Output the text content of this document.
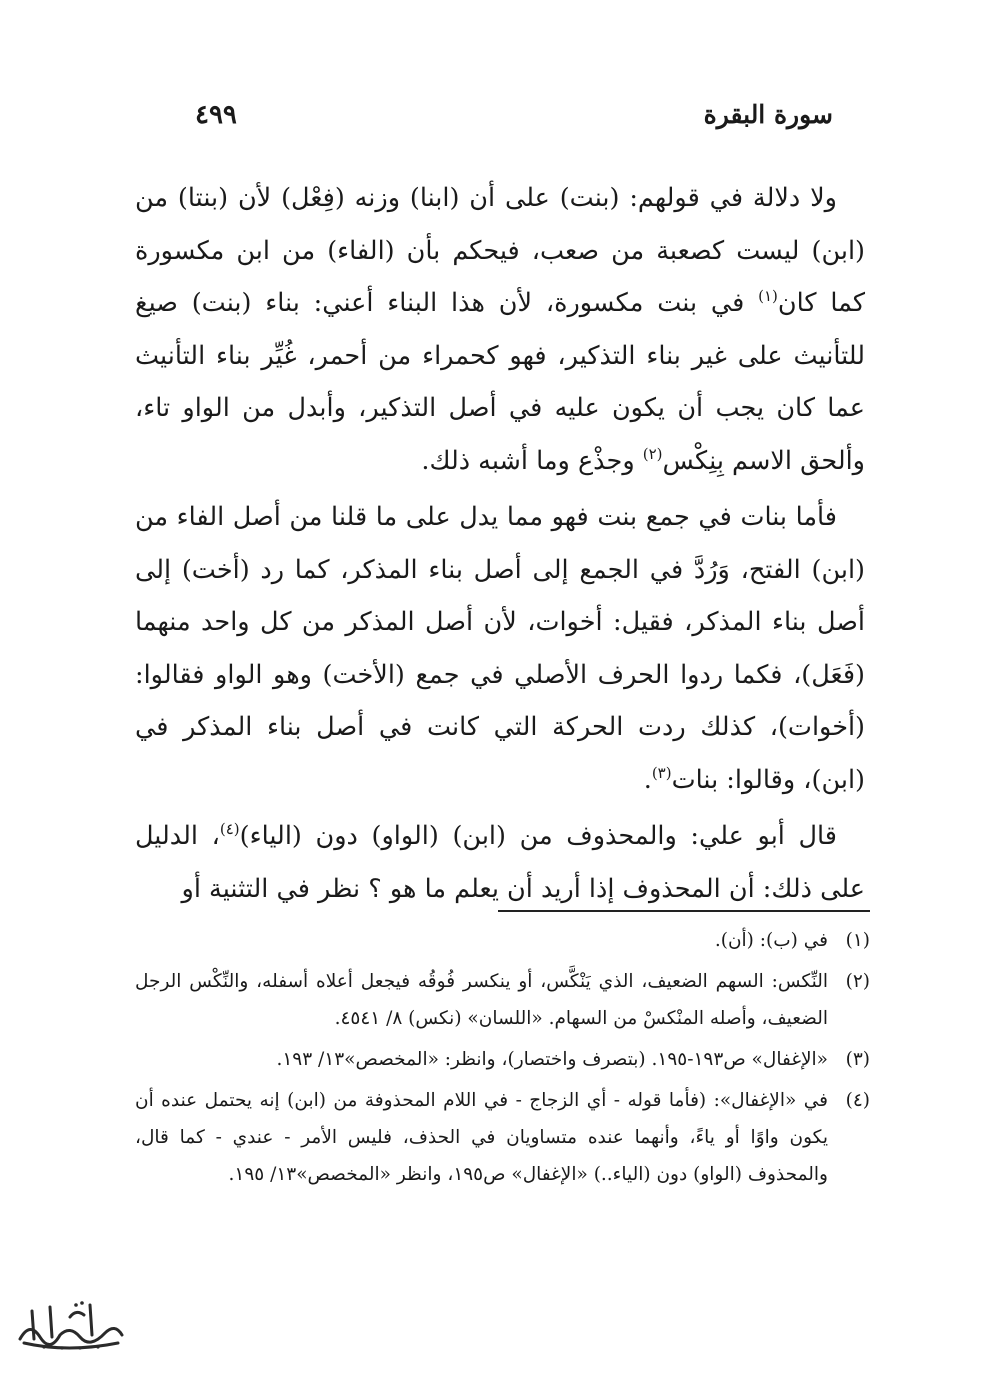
٤٩٩	سورة البقرة

ولا دلالة في قولهم: (بنت) على أن (ابنا) وزنه (فِعْل) لأن (بنتا) من (ابن) ليست كصعبة من صعب، فيحكم بأن (الفاء) من ابن مكسورة كما كان$^{(١)}$ في بنت مكسورة، لأن هذا البناء أعني: بناء (بنت) صيغ للتأنيث على غير بناء التذكير، فهو كحمراء من أحمر، غُيِّر بناء التأنيث عما كان يجب أن يكون عليه في أصل التذكير، وأبدل من الواو تاء، وألحق الاسم بِنِكْس$^{(٢)}$ وجذْع وما أشبه ذلك.

فأما بنات في جمع بنت فهو مما يدل على ما قلنا من أصل الفاء من (ابن) الفتح، وَرُدَّ في الجمع إلى أصل بناء المذكر، كما رد (أخت) إلى أصل بناء المذكر، فقيل: أخوات، لأن أصل المذكر من كل واحد منهما (فَعَل)، فكما ردوا الحرف الأصلي في جمع (الأخت) وهو الواو فقالوا: (أخوات)، كذلك ردت الحركة التي كانت في أصل بناء المذكر في (ابن)، وقالوا: بنات$^{(٣)}$.

قال أبو علي: والمحذوف من (ابن) (الواو) دون (الياء)$^{(٤)}$، الدليل على ذلك: أن المحذوف إذا أريد أن يعلم ما هو ؟ نظر في التثنية أو

(١)
في (ب): (أن).
(٢)
النِّكس: السهم الضعيف، الذي يَنْكَّس، أو ينكسر فُوقُه فيجعل أعلاه أسفله، والنِّكْس الرجل الضعيف، وأصله المنْكسْ من السهام. «اللسان» (نكس) ٨/ ٤٥٤١.
(٣)
«الإغفال» ص١٩٣-١٩٥. (بتصرف واختصار)، وانظر: «المخصص»١٣/ ١٩٣.
(٤)
في «الإغفال»: (فأما قوله - أي الزجاج - في اللام المحذوفة من (ابن) إنه يحتمل عنده أن يكون واوًا أو ياءً، وأنهما عنده متساويان في الحذف، فليس الأمر - عندي - كما قال، والمحذوف (الواو) دون (الياء..) «الإغفال» ص١٩٥، وانظر «المخصص»١٣/ ١٩٥.
